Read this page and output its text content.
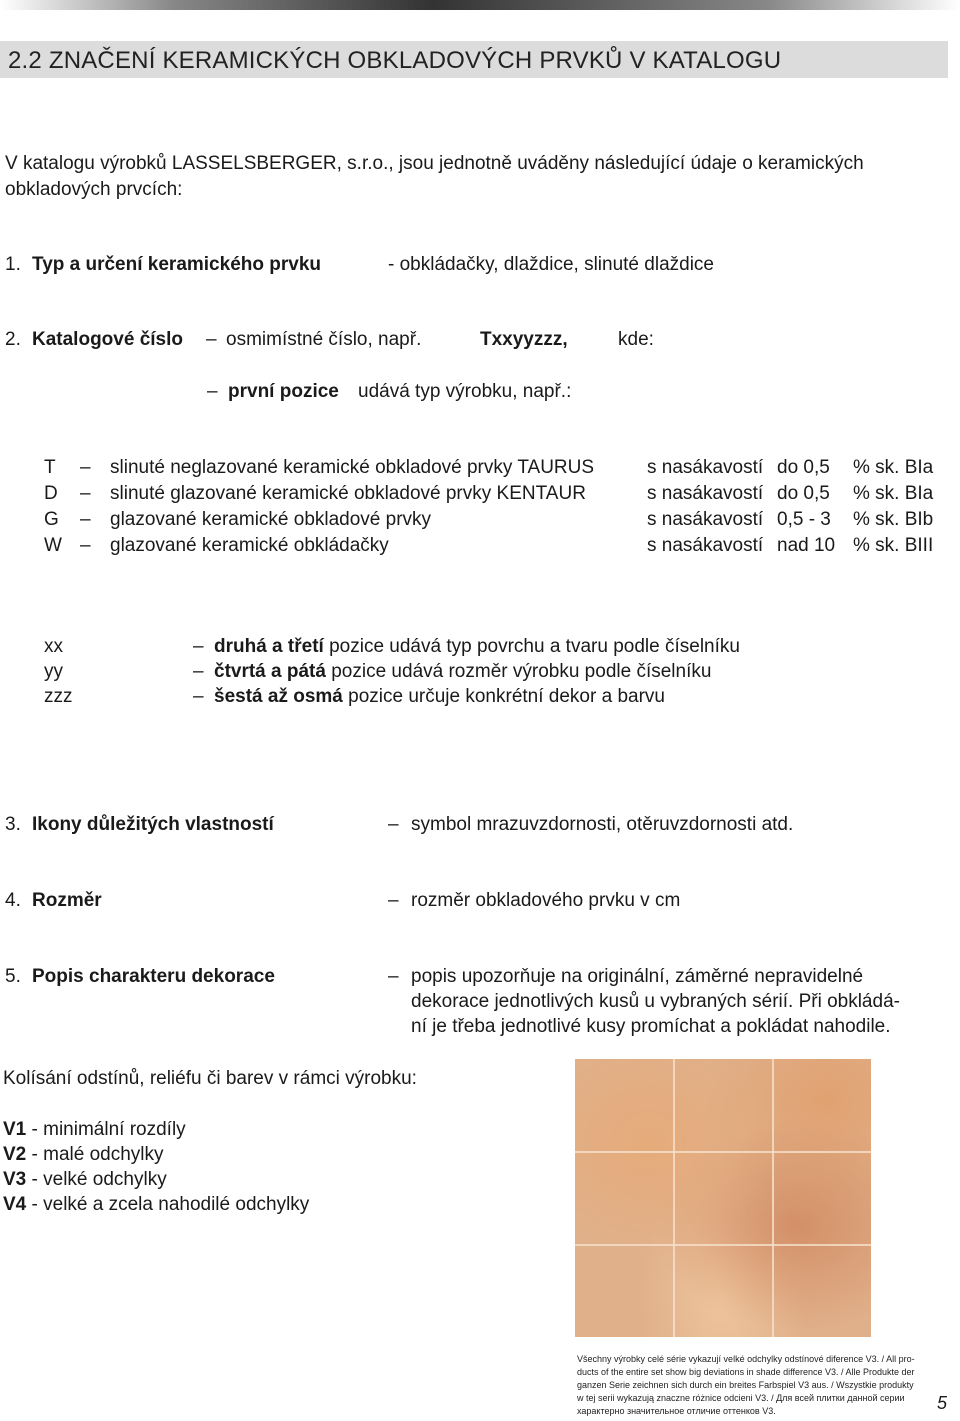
2.2 ZNAČENÍ KERAMICKÝCH OBKLADOVÝCH PRVKŮ V KATALOGU
V katalogu výrobků LASSELSBERGER, s.r.o., jsou jednotně uváděny následující údaje o keramických obkladových prvcích:
1. Typ a určení keramického prvku	- obkládačky, dlaždice, slinuté dlaždice
2. Katalogové číslo – osmimístné číslo, např.	Txxyyzzz,	kde:
– první pozice udává typ výrobku, např.:
T – slinuté neglazované keramické obkladové prvky TAURUS	s nasákavostí do 0,5 % sk. BIa
D – slinuté glazované keramické obkladové prvky KENTAUR	s nasákavostí do 0,5 % sk. BIa
G – glazované keramické obkladové prvky	s nasákavostí 0,5 - 3 % sk. BIb
W – glazované keramické obkládačky	s nasákavostí nad 10 % sk. BIII
xx	– druhá a třetí pozice udává typ povrchu a tvaru podle číselníku
yy	– čtvrtá a pátá pozice udává rozměr výrobku podle číselníku
zzz	– šestá až osmá pozice určuje konkrétní dekor a barvu
3. Ikony důležitých vlastností	– symbol mrazuvzdornosti, otěruvzdornosti atd.
4. Rozměr	– rozměr obkladového prvku v cm
5. Popis charakteru dekorace	– popis upozorňuje na originální, záměrné nepravidelné
dekorace jednotlivých kusů u vybraných sérií. Při obkládá-
ní je třeba jednotlivé kusy promíchat a pokládat nahodile.
Kolísání odstínů, reliéfu či barev v rámci výrobku:
V1 - minimální rozdíly
V2 - malé odchylky
V3 - velké odchylky
V4 - velké a zcela nahodilé odchylky
Všechny výrobky celé série vykazují velké odchylky odstínové diference V3. / All pro-
ducts of the entire set show big deviations in shade difference V3. / Alle Produkte der
ganzen Serie zeichnen sich durch ein breites Farbspiel V3 aus. / Wszystkie produkty
w tej serii wykazują znaczne różnice odcieni V3. / Для всей плитки данной серии
характерно значительное отличие оттенков V3.	5
